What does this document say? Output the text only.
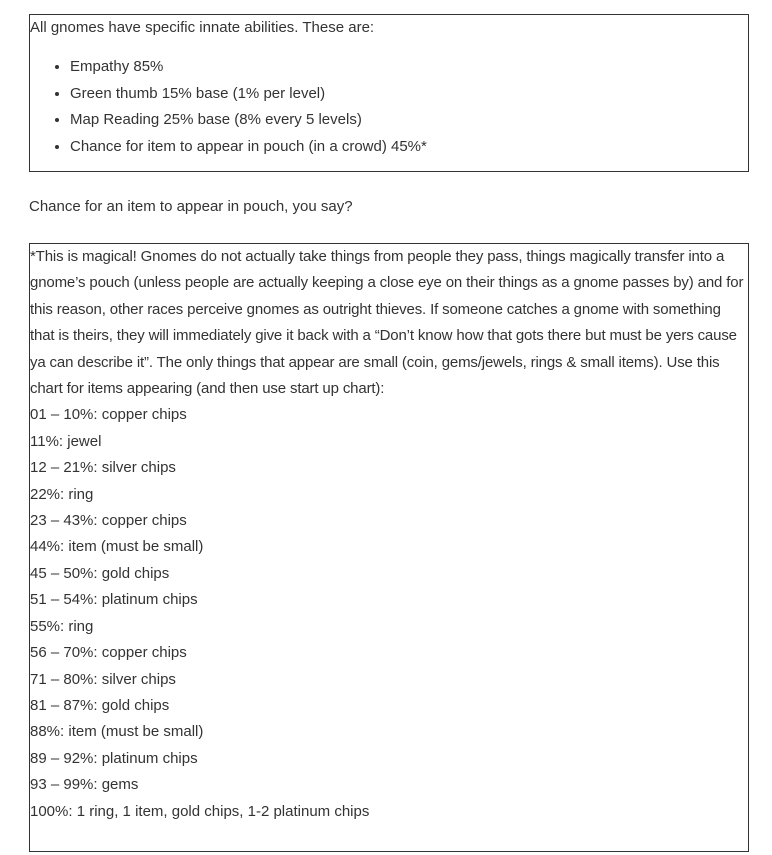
All gnomes have specific innate abilities. These are:

• Empathy 85%
• Green thumb 15% base (1% per level)
• Map Reading 25% base (8% every 5 levels)
• Chance for item to appear in pouch (in a crowd) 45%*

Chance for an item to appear in pouch, you say?

*This is magical! Gnomes do not actually take things from people they pass, things magically transfer into a gnome’s pouch (unless people are actually keeping a close eye on their things as a gnome passes by) and for this reason, other races perceive gnomes as outright thieves. If someone catches a gnome with something that is theirs, they will immediately give it back with a “Don’t know how that gots there but must be yers cause ya can describe it”. The only things that appear are small (coin, gems/jewels, rings & small items). Use this chart for items appearing (and then use start up chart):

01 – 10%: copper chips

11%: jewel

12 – 21%: silver chips

22%: ring

23 – 43%: copper chips

44%: item (must be small)

45 – 50%: gold chips

51 – 54%: platinum chips

55%: ring

56 – 70%: copper chips

71 – 80%: silver chips

81 – 87%: gold chips

88%: item (must be small)

89 – 92%: platinum chips

93 – 99%: gems

100%: 1 ring, 1 item, gold chips, 1-2 platinum chips
